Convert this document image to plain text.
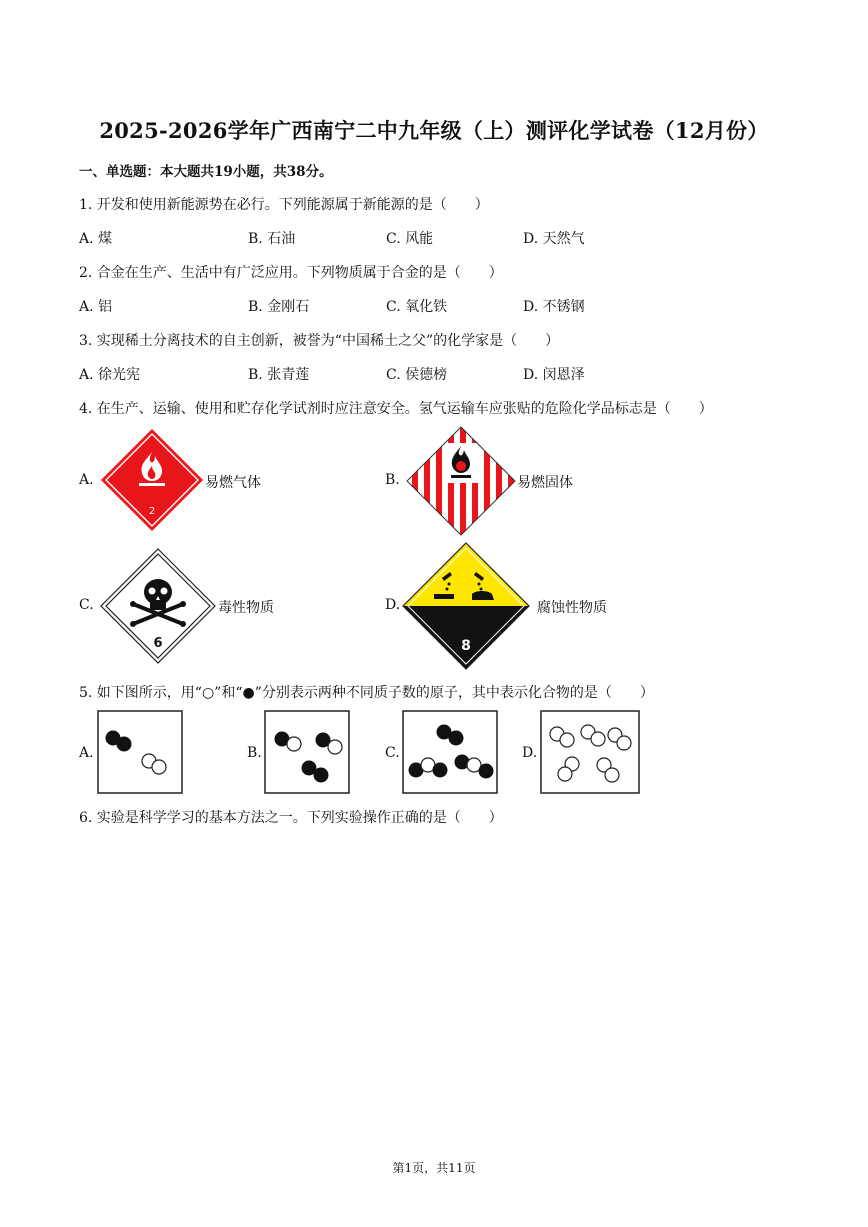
2025-2026学年广西南宁二中九年级（上）测评化学试卷（12月份）
一、单选题：本大题共19小题，共38分。
1. 开发和使用新能源势在必行。下列能源属于新能源的是（　　）
A. 煤	B. 石油	C. 风能	D. 天然气
2. 合金在生产、生活中有广泛应用。下列物质属于合金的是（　　）
A. 铝	B. 金刚石	C. 氧化铁	D. 不锈钢
3. 实现稀土分离技术的自主创新，被誉为“中国稀土之父”的化学家是（　　）
A. 徐光宪	B. 张青莲	C. 侯德榜	D. 闵恩泽
4. 在生产、运输、使用和贮存化学试剂时应注意安全。氢气运输车应张贴的危险化学品标志是（　　）
A.
2
易燃气体	B.	易燃固体
C.
6
毒性物质	D.
8
腐蚀性物质
5. 如下图所示，用“○”和“●”分别表示两种不同质子数的原子，其中表示化合物的是（　　）
A.	B.	C.	D.
6. 实验是科学学习的基本方法之一。下列实验操作正确的是（　　）
第1页，共11页
